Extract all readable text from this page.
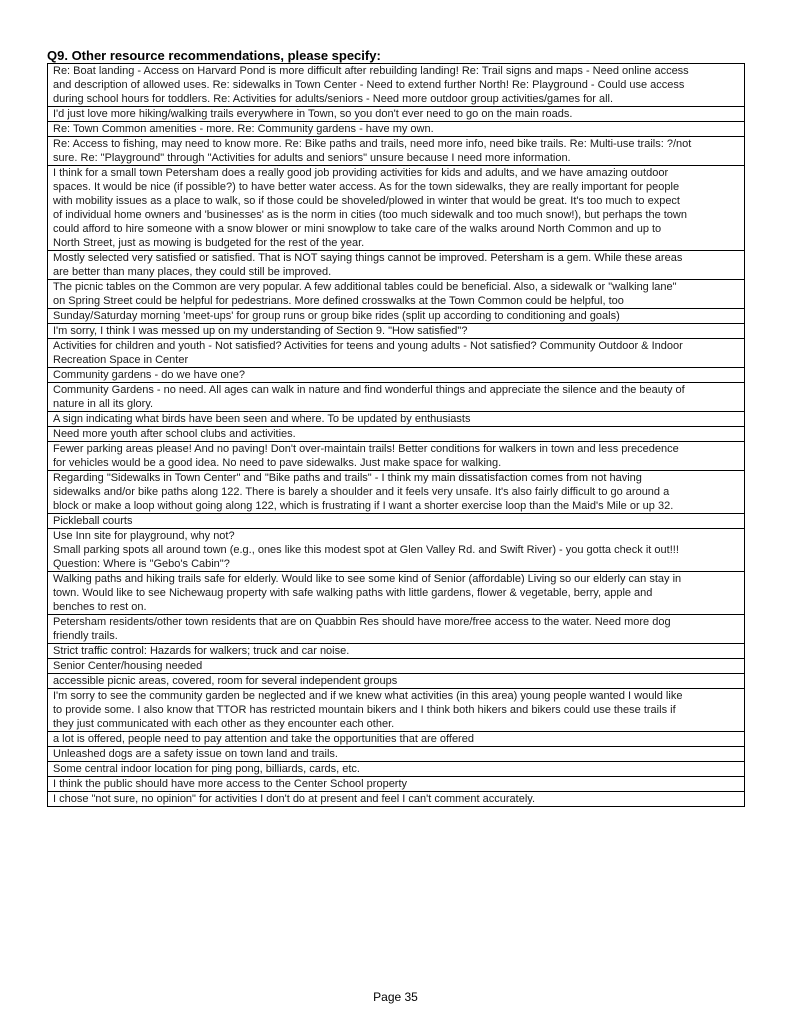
Q9. Other resource recommendations, please specify:
Re: Boat landing - Access on Harvard Pond is more difficult after rebuilding landing! Re: Trail signs and maps - Need online access
and description of allowed uses. Re: sidewalks in Town Center - Need to extend further North! Re: Playground - Could use access
during school hours for toddlers. Re: Activities for adults/seniors - Need more outdoor group activities/games for all.

I'd just love more hiking/walking trails everywhere in Town, so you don't ever need to go on the main roads.

Re: Town Common amenities - more. Re: Community gardens - have my own.

Re: Access to fishing, may need to know more. Re: Bike paths and trails, need more info, need bike trails. Re: Multi-use trails: ?/not
sure. Re: "Playground" through "Activities for adults and seniors" unsure because I need more information.

I think for a small town Petersham does a really good job providing activities for kids and adults, and we have amazing outdoor
spaces. It would be nice (if possible?) to have better water access. As for the town sidewalks, they are really important for people
with mobility issues as a place to walk, so if those could be shoveled/plowed in winter that would be great. It's too much to expect
of individual home owners and 'businesses' as is the norm in cities (too much sidewalk and too much snow!), but perhaps the town
could afford to hire someone with a snow blower or mini snowplow to take care of the walks around North Common and up to
North Street, just as mowing is budgeted for the rest of the year.

Mostly selected very satisfied or satisfied. That is NOT saying things cannot be improved. Petersham is a gem. While these areas
are better than many places, they could still be improved.

The picnic tables on the Common are very popular. A few additional tables could be beneficial. Also, a sidewalk or "walking lane"
on Spring Street could be helpful for pedestrians. More defined crosswalks at the Town Common could be helpful, too

Sunday/Saturday morning 'meet-ups' for group runs or group bike rides (split up according to conditioning and goals)

I'm sorry, I think I was messed up on my understanding of Section 9. "How satisfied"?

Activities for children and youth - Not satisfied? Activities for teens and young adults - Not satisfied? Community Outdoor & Indoor
Recreation Space in Center

Community gardens - do we have one?

Community Gardens - no need. All ages can walk in nature and find wonderful things and appreciate the silence and the beauty of
nature in all its glory.

A sign indicating what birds have been seen and where. To be updated by enthusiasts

Need more youth after school clubs and activities.

Fewer parking areas please! And no paving! Don't over-maintain trails! Better conditions for walkers in town and less precedence
for vehicles would be a good idea. No need to pave sidewalks. Just make space for walking.

Regarding "Sidewalks in Town Center" and "Bike paths and trails" - I think my main dissatisfaction comes from not having
sidewalks and/or bike paths along 122. There is barely a shoulder and it feels very unsafe. It's also fairly difficult to go around a
block or make a loop without going along 122, which is frustrating if I want a shorter exercise loop than the Maid's Mile or up 32.

Pickleball courts

Use Inn site for playground, why not?
Small parking spots all around town (e.g., ones like this modest spot at Glen Valley Rd. and Swift River) - you gotta check it out!!!
Question: Where is "Gebo's Cabin"?

Walking paths and hiking trails safe for elderly. Would like to see some kind of Senior (affordable) Living so our elderly can stay in
town. Would like to see Nichewaug property with safe walking paths with little gardens, flower & vegetable, berry, apple and
benches to rest on.

Petersham residents/other town residents that are on Quabbin Res should have more/free access to the water. Need more dog
friendly trails.

Strict traffic control: Hazards for walkers; truck and car noise.

Senior Center/housing needed

accessible picnic areas, covered, room for several independent groups

I'm sorry to see the community garden be neglected and if we knew what activities (in this area) young people wanted I would like
to provide some. I also know that TTOR has restricted mountain bikers and I think both hikers and bikers could use these trails if
they just communicated with each other as they encounter each other.

a lot is offered, people need to pay attention and take the opportunities that are offered

Unleashed dogs are a safety issue on town land and trails.

Some central indoor location for ping pong, billiards, cards, etc.

I think the public should have more access to the Center School property

I chose "not sure, no opinion" for activities I don't do at present and feel I can't comment accurately.
Page 35
